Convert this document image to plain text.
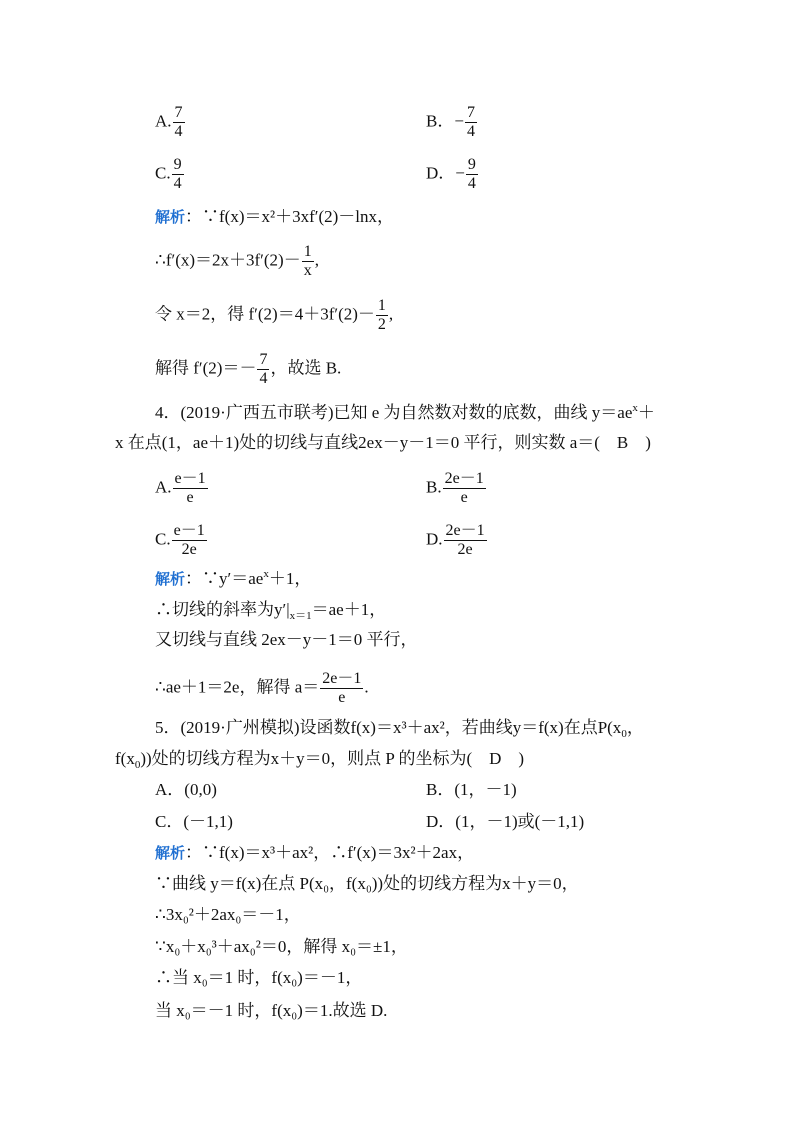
A. $\frac{7}{4}$	B．− $\frac{7}{4}$
C. $\frac{9}{4}$	D．− $\frac{9}{4}$
解析：∵f(x)＝x²＋3xf′(2)－lnx，
∴f′(x)＝2x＋3f′(2)－ $\frac{1}{x}$ ,
令 x＝2，得 $f'(2)=4+3f'(2)- \frac{1}{2}$ ,
解得 $f'(2)=- \frac{7}{4}$ ，故选 B.
4．(2019·广西五市联考)已知 e 为自然数对数的底数，曲线 $y=ae^x+$
x 在点(1，ae＋1)处的切线与直线2ex－y－1＝0 平行，则实数 a＝(　B　)
A. $\frac{e-1}{e}$	B. $\frac{2e-1}{e}$
C. $\frac{e-1}{2e}$	D. $\frac{2e-1}{2e}$
解析：$\because y'=ae^x+1$，
∴切线的斜率为$y'|_{x=1}=ae+1$，
又切线与直线 2ex－y－1＝0 平行，
∴ae＋1＝2e，解得 $a= \frac{2e-1}{e}$ .
5．(2019·广州模拟)设函数f(x)＝x³＋ax²，若曲线y＝f(x)在点$P(x_0$，
$f(x_0)$)处的切线方程为x＋y＝0，则点 P 的坐标为(　D　)
A．(0,0)	B．(1，－1)
C．(－1,1)	D．(1，－1)或(－1,1)
解析：∵f(x)＝x³＋ax²，∴f′(x)＝3x²＋2ax，
∵曲线 y＝f(x)在点 P(x₀，f(x₀))处的切线方程为x＋y＝0，
∴3x₀²＋2ax₀＝－1，
∵x₀＋x₀³＋ax₀²＝0，解得 x₀＝±1，
∴当 x₀＝1 时，f(x₀)＝－1，
当 x₀＝－1 时，f(x₀)＝1.故选 D.
